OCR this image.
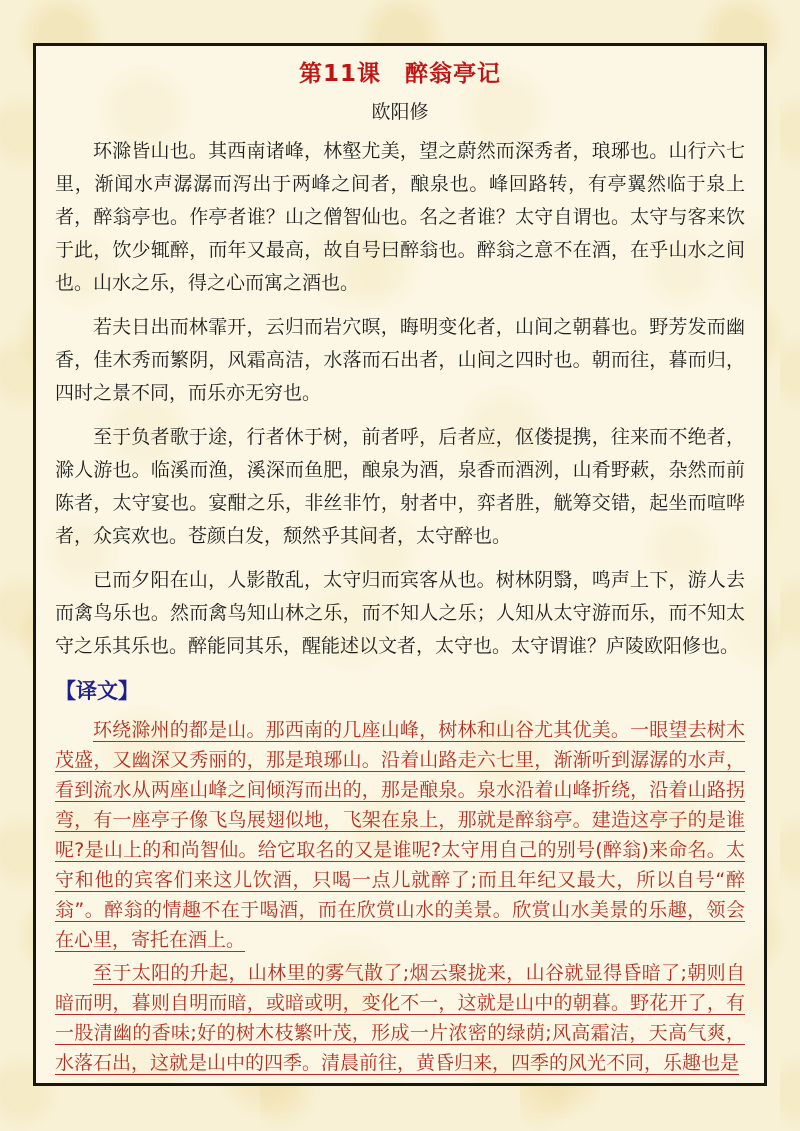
第11课　醉翁亭记
欧阳修

环滁皆山也。其西南诸峰，林壑尤美，望之蔚然而深秀者，琅琊也。山行六七里，渐闻水声潺潺而泻出于两峰之间者，酿泉也。峰回路转，有亭翼然临于泉上者，醉翁亭也。作亭者谁？山之僧智仙也。名之者谁？太守自谓也。太守与客来饮于此，饮少辄醉，而年又最高，故自号曰醉翁也。醉翁之意不在酒，在乎山水之间也。山水之乐，得之心而寓之酒也。

若夫日出而林霏开，云归而岩穴暝，晦明变化者，山间之朝暮也。野芳发而幽香，佳木秀而繁阴，风霜高洁，水落而石出者，山间之四时也。朝而往，暮而归，四时之景不同，而乐亦无穷也。

至于负者歌于途，行者休于树，前者呼，后者应，伛偻提携，往来而不绝者，滁人游也。临溪而渔，溪深而鱼肥，酿泉为酒，泉香而酒洌，山肴野蔌，杂然而前陈者，太守宴也。宴酣之乐，非丝非竹，射者中，弈者胜，觥筹交错，起坐而喧哗者，众宾欢也。苍颜白发，颓然乎其间者，太守醉也。

已而夕阳在山，人影散乱，太守归而宾客从也。树林阴翳，鸣声上下，游人去而禽鸟乐也。然而禽鸟知山林之乐，而不知人之乐；人知从太守游而乐，而不知太守之乐其乐也。醉能同其乐，醒能述以文者，太守也。太守谓谁？庐陵欧阳修也。

【译文】

环绕滁州的都是山。那西南的几座山峰，树林和山谷尤其优美。一眼望去树木茂盛，又幽深又秀丽的，那是琅琊山。沿着山路走六七里，渐渐听到潺潺的水声，看到流水从两座山峰之间倾泻而出的，那是酿泉。泉水沿着山峰折绕，沿着山路拐弯，有一座亭子像飞鸟展翅似地，飞架在泉上，那就是醉翁亭。建造这亭子的是谁呢?是山上的和尚智仙。给它取名的又是谁呢?太守用自己的别号(醉翁)来命名。太守和他的宾客们来这儿饮酒，只喝一点儿就醉了;而且年纪又最大，所以自号“醉翁”。醉翁的情趣不在于喝酒，而在欣赏山水的美景。欣赏山水美景的乐趣，领会在心里，寄托在酒上。

至于太阳的升起，山林里的雾气散了;烟云聚拢来，山谷就显得昏暗了;朝则自暗而明，暮则自明而暗，或暗或明，变化不一，这就是山中的朝暮。野花开了，有一股清幽的香味;好的树木枝繁叶茂，形成一片浓密的绿荫;风高霜洁，天高气爽，水落石出，这就是山中的四季。清晨前往，黄昏归来，四季的风光不同，乐趣也是
